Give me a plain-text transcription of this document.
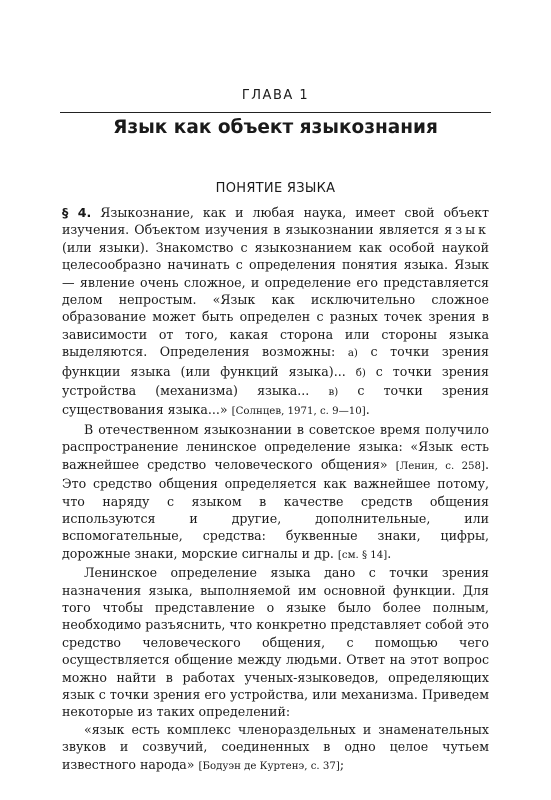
ГЛАВА 1
Язык как объект языкознания
ПОНЯТИЕ ЯЗЫКА

§ 4. Языкознание, как и любая наука, имеет свой объект изучения. Объектом изучения в языкознании является язык (или языки). Знакомство с языкознанием как особой наукой целесообразно начинать с определения понятия языка. Язык — явление очень сложное, и определение его представляется делом непростым. «Язык как исключительно сложное образование может быть определен с разных точек зрения в зависимости от того, какая сторона или стороны языка выделяются. Определения возможны: а) с точки зрения функции языка (или функций языка)... б) с точки зрения устройства (механизма) языка... в) с точки зрения существования языка...» [Солнцев, 1971, с. 9—10].

В отечественном языкознании в советское время получило распространение ленинское определение языка: «Язык есть важнейшее средство человеческого общения» [Ленин, с. 258]. Это средство общения определяется как важнейшее потому, что наряду с языком в качестве средств общения используются и другие, дополнительные, или вспомогательные, средства: буквенные знаки, цифры, дорожные знаки, морские сигналы и др. [см. § 14].

Ленинское определение языка дано с точки зрения назначения языка, выполняемой им основной функции. Для того чтобы представление о языке было более полным, необходимо разъяснить, что конкретно представляет собой это средство человеческого общения, с помощью чего осуществляется общение между людьми. Ответ на этот вопрос можно найти в работах ученых-языковедов, определяющих язык с точки зрения его устройства, или механизма. Приведем некоторые из таких определений:

«язык есть комплекс членораздельных и знаменательных звуков и созвучий, соединенных в одно целое чутьем известного народа» [Бодуэн де Куртенэ, с. 37];
